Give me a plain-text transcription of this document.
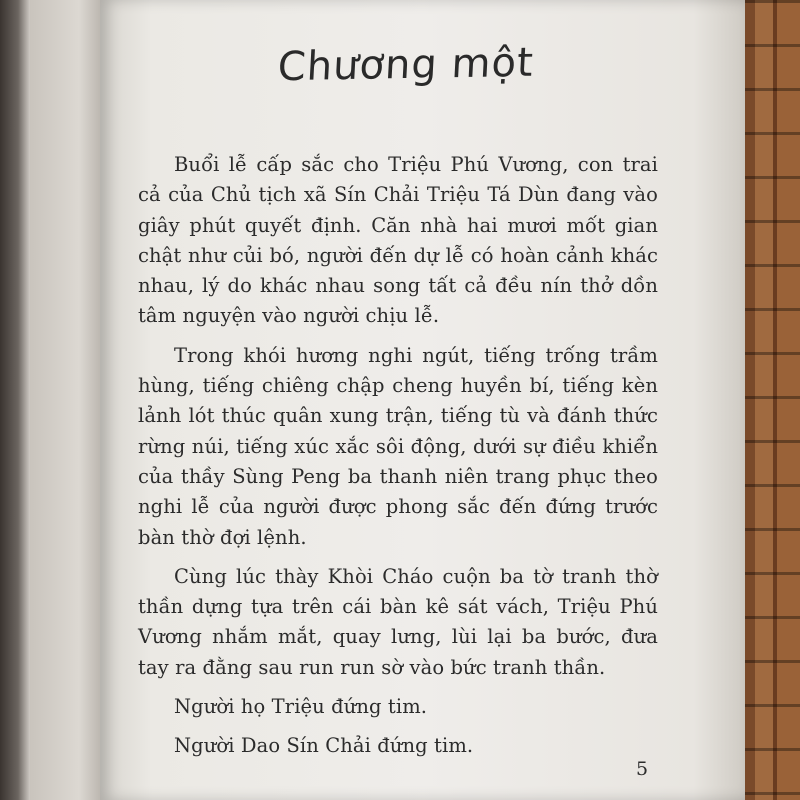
Chương một

Buổi lễ cấp sắc cho Triệu Phú Vương, con trai cả của Chủ tịch xã Sín Chải Triệu Tá Dùn đang vào giây phút quyết định. Căn nhà hai mươi mốt gian chật như củi bó, người đến dự lễ có hoàn cảnh khác nhau, lý do khác nhau song tất cả đều nín thở dồn tâm nguyện vào người chịu lễ.

Trong khói hương nghi ngút, tiếng trống trầm hùng, tiếng chiêng chập cheng huyền bí, tiếng kèn lảnh lót thúc quân xung trận, tiếng tù và đánh thức rừng núi, tiếng xúc xắc sôi động, dưới sự điều khiển của thầy Sùng Peng ba thanh niên trang phục theo nghi lễ của người được phong sắc đến đứng trước bàn thờ đợi lệnh.

Cùng lúc thày Khòi Cháo cuộn ba tờ tranh thờ thần dựng tựa trên cái bàn kê sát vách, Triệu Phú Vương nhắm mắt, quay lưng, lùi lại ba bước, đưa tay ra đằng sau run run sờ vào bức tranh thần.

Người họ Triệu đứng tim.

Người Dao Sín Chải đứng tim.

5
